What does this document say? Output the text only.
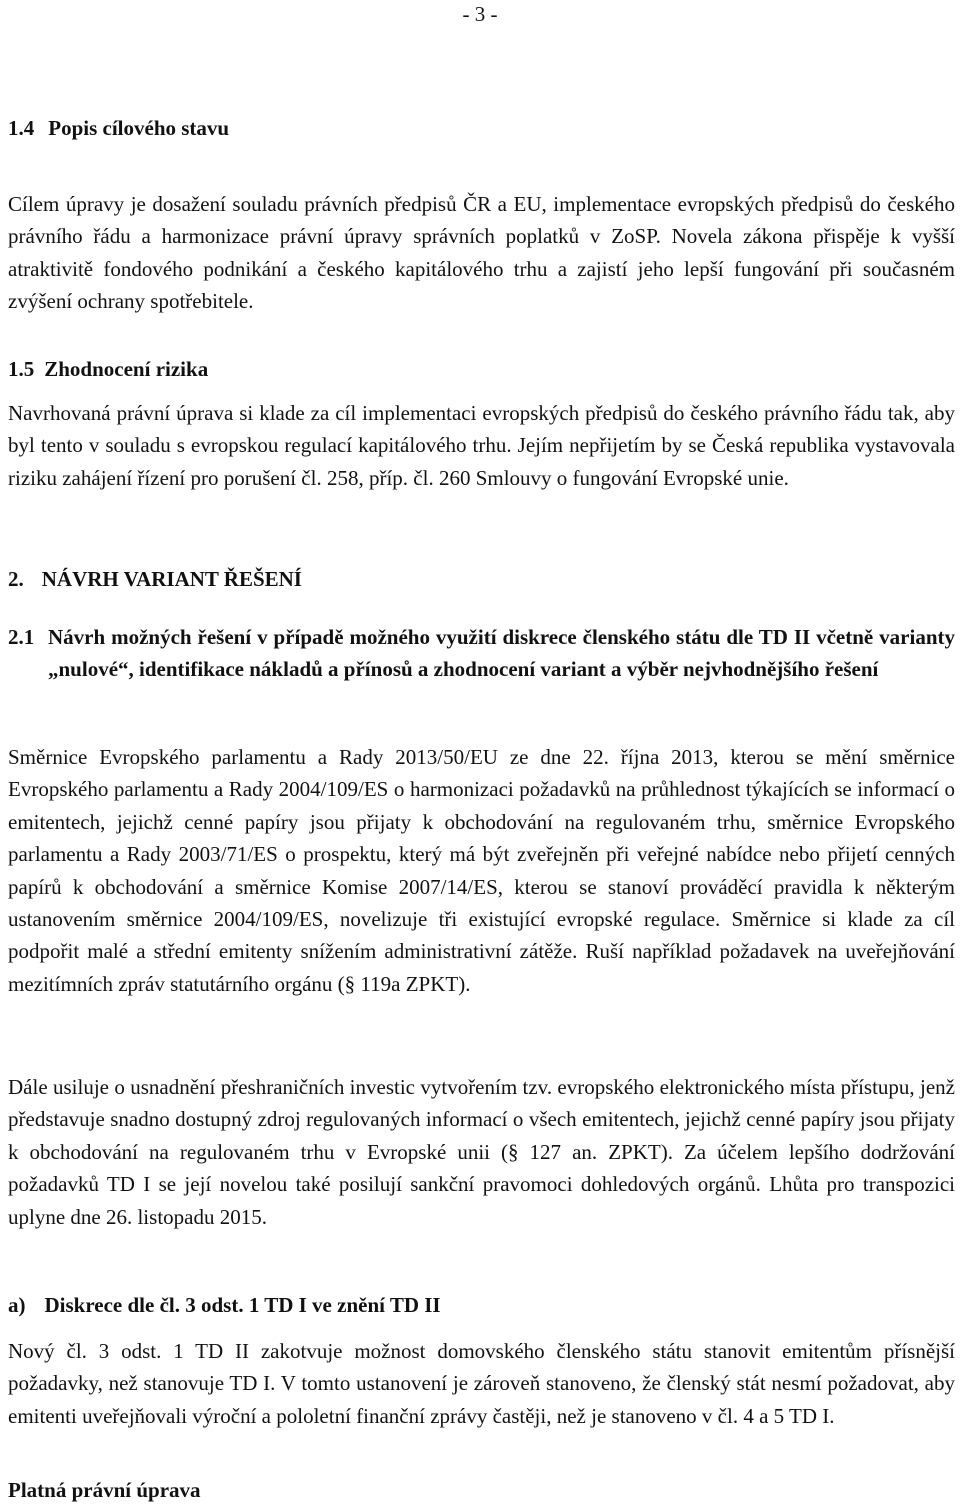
- 3 -
1.4 Popis cílového stavu

Cílem úpravy je dosažení souladu právních předpisů ČR a EU, implementace evropských předpisů do českého právního řádu a harmonizace právní úpravy správních poplatků v ZoSP. Novela zákona přispěje k vyšší atraktivitě fondového podnikání a českého kapitálového trhu a zajistí jeho lepší fungování při současném zvýšení ochrany spotřebitele.

1.5 Zhodnocení rizika

Navrhovaná právní úprava si klade za cíl implementaci evropských předpisů do českého právního řádu tak, aby byl tento v souladu s evropskou regulací kapitálového trhu. Jejím nepřijetím by se Česká republika vystavovala riziku zahájení řízení pro porušení čl. 258, příp. čl. 260 Smlouvy o fungování Evropské unie.

2. NÁVRH VARIANT ŘEŠENÍ
2.1 Návrh možných řešení v případě možného využití diskrece členského státu dle TD II včetně varianty „nulové“, identifikace nákladů a přínosů a zhodnocení variant a výběr nejvhodnějšího řešení

Směrnice Evropského parlamentu a Rady 2013/50/EU ze dne 22. října 2013, kterou se mění směrnice Evropského parlamentu a Rady 2004/109/ES o harmonizaci požadavků na průhlednost týkajících se informací o emitentech, jejichž cenné papíry jsou přijaty k obchodování na regulovaném trhu, směrnice Evropského parlamentu a Rady 2003/71/ES o prospektu, který má být zveřejněn při veřejné nabídce nebo přijetí cenných papírů k obchodování a směrnice Komise 2007/14/ES, kterou se stanoví prováděcí pravidla k některým ustanovením směrnice 2004/109/ES, novelizuje tři existující evropské regulace. Směrnice si klade za cíl podpořit malé a střední emitenty snížením administrativní zátěže. Ruší například požadavek na uveřejňování mezitímních zpráv statutárního orgánu (§ 119a ZPKT).

Dále usiluje o usnadnění přeshraničních investic vytvořením tzv. evropského elektronického místa přístupu, jenž představuje snadno dostupný zdroj regulovaných informací o všech emitentech, jejichž cenné papíry jsou přijaty k obchodování na regulovaném trhu v Evropské unii (§ 127 an. ZPKT). Za účelem lepšího dodržování požadavků TD I se její novelou také posilují sankční pravomoci dohledových orgánů. Lhůta pro transpozici uplyne dne 26. listopadu 2015.

a) Diskrece dle čl. 3 odst. 1 TD I ve znění TD II

Nový čl. 3 odst. 1 TD II zakotvuje možnost domovského členského státu stanovit emitentům přísnější požadavky, než stanovuje TD I. V tomto ustanovení je zároveň stanoveno, že členský stát nesmí požadovat, aby emitenti uveřejňovali výroční a pololetní finanční zprávy častěji, než je stanoveno v čl. 4 a 5 TD I.

Platná právní úprava
